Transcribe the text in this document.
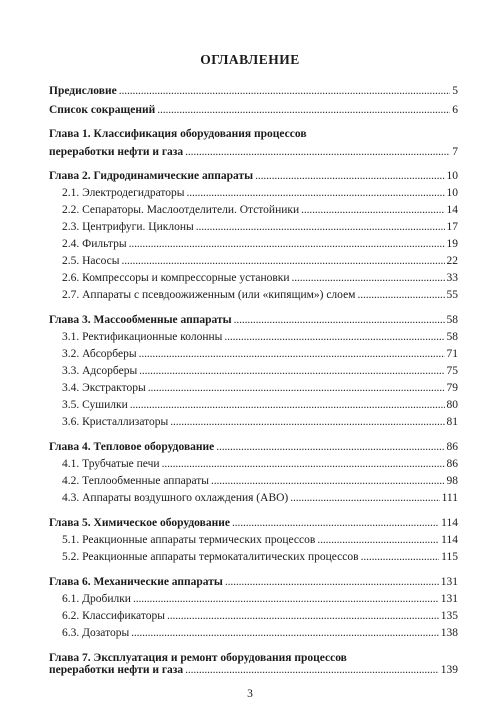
ОГЛАВЛЕНИЕ
Предисловие . . .	5
Список сокращений . . .	6
Глава 1. Классификация оборудования процессов
переработки нефти и газа . . .	7
Глава 2. Гидродинамические аппараты . . .	10
2.1. Электродегидраторы . . .	10
2.2. Сепараторы. Маслоотделители. Отстойники . . .	14
2.3. Центрифуги. Циклоны . . .	17
2.4. Фильтры . . .	19
2.5. Насосы . . .	22
2.6. Компрессоры и компрессорные установки . . .	33
2.7. Аппараты с псевдоожиженным (или «кипящим») слоем . . .	55
Глава 3. Массообменные аппараты . . .	58
3.1. Ректификационные колонны . . .	58
3.2. Абсорберы . . .	71
3.3. Адсорберы . . .	75
3.4. Экстракторы . . .	79
3.5. Сушилки . . .	80
3.6. Кристаллизаторы . . .	81
Глава 4. Тепловое оборудование . . .	86
4.1. Трубчатые печи . . .	86
4.2. Теплообменные аппараты . . .	98
4.3. Аппараты воздушного охлаждения (АВО) . . .	111
Глава 5. Химическое оборудование . . .	114
5.1. Реакционные аппараты термических процессов . . .	114
5.2. Реакционные аппараты термокаталитических процессов . . .	115
Глава 6. Механические аппараты . . .	131
6.1. Дробилки . . .	131
6.2. Классификаторы . . .	135
6.3. Дозаторы . . .	138
Глава 7. Эксплуатация и ремонт оборудования процессов
переработки нефти и газа . . .	139
3
